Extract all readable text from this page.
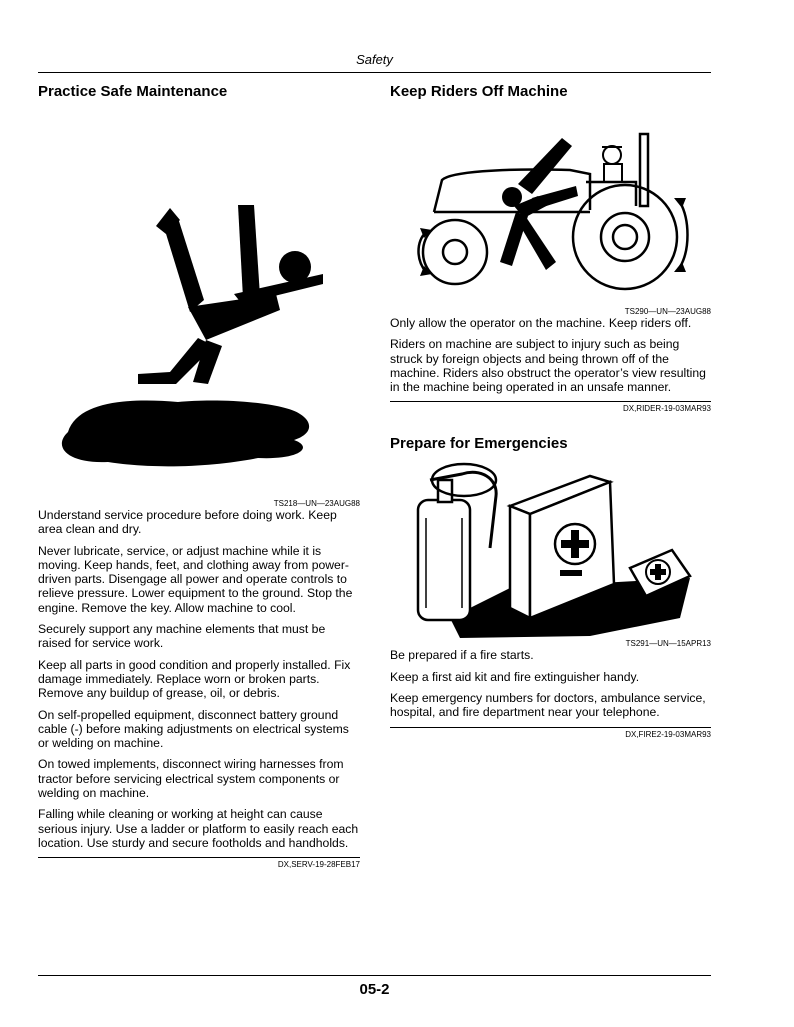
Safety
Practice Safe Maintenance
TS218—UN—23AUG88

Understand service procedure before doing work. Keep area clean and dry.

Never lubricate, service, or adjust machine while it is moving. Keep hands, feet, and clothing away from power-driven parts. Disengage all power and operate controls to relieve pressure. Lower equipment to the ground. Stop the engine. Remove the key. Allow machine to cool.

Securely support any machine elements that must be raised for service work.

Keep all parts in good condition and properly installed. Fix damage immediately. Replace worn or broken parts. Remove any buildup of grease, oil, or debris.

On self-propelled equipment, disconnect battery ground cable (-) before making adjustments on electrical systems or welding on machine.

On towed implements, disconnect wiring harnesses from tractor before servicing electrical system components or welding on machine.

Falling while cleaning or working at height can cause serious injury. Use a ladder or platform to easily reach each location. Use sturdy and secure footholds and handholds.

DX,SERV-19-28FEB17
Keep Riders Off Machine
TS290—UN—23AUG88

Only allow the operator on the machine. Keep riders off.

Riders on machine are subject to injury such as being struck by foreign objects and being thrown off of the machine. Riders also obstruct the operator’s view resulting in the machine being operated in an unsafe manner.

DX,RIDER-19-03MAR93
Prepare for Emergencies
TS291—UN—15APR13

Be prepared if a fire starts.

Keep a first aid kit and fire extinguisher handy.

Keep emergency numbers for doctors, ambulance service, hospital, and fire department near your telephone.

DX,FIRE2-19-03MAR93
05-2
